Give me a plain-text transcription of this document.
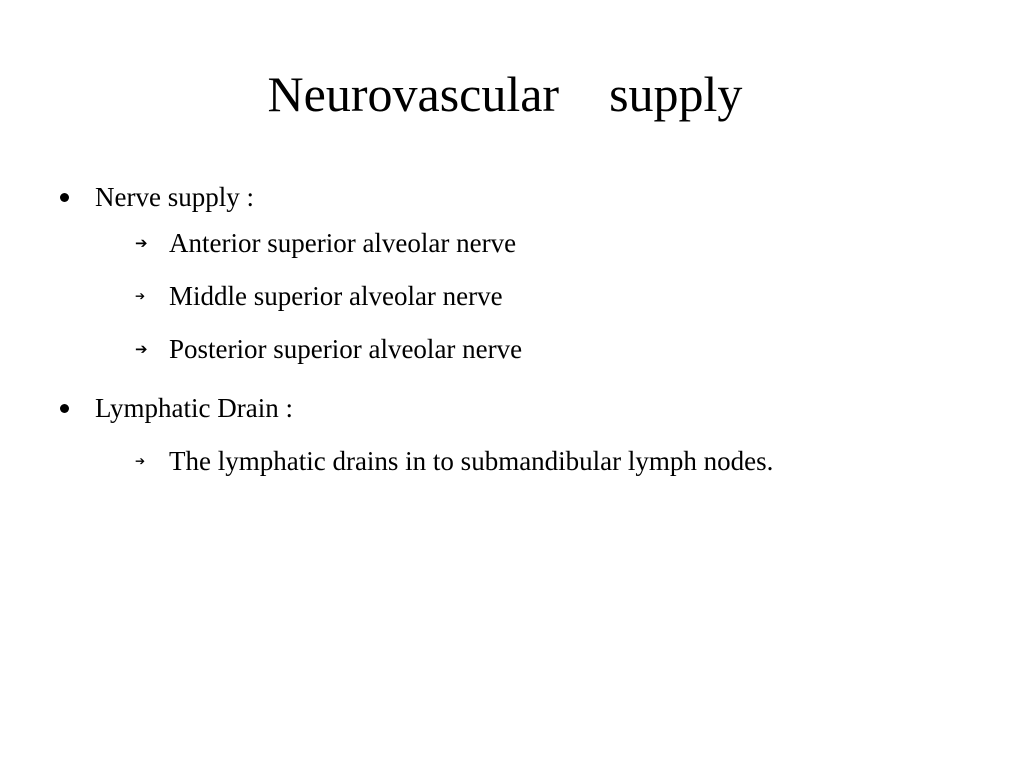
Neurovascular    supply

Nerve supply :

➔

Anterior superior alveolar nerve

➔

Middle superior alveolar nerve

➔

Posterior superior alveolar nerve

Lymphatic Drain :

➔

The lymphatic drains in to submandibular lymph nodes.
